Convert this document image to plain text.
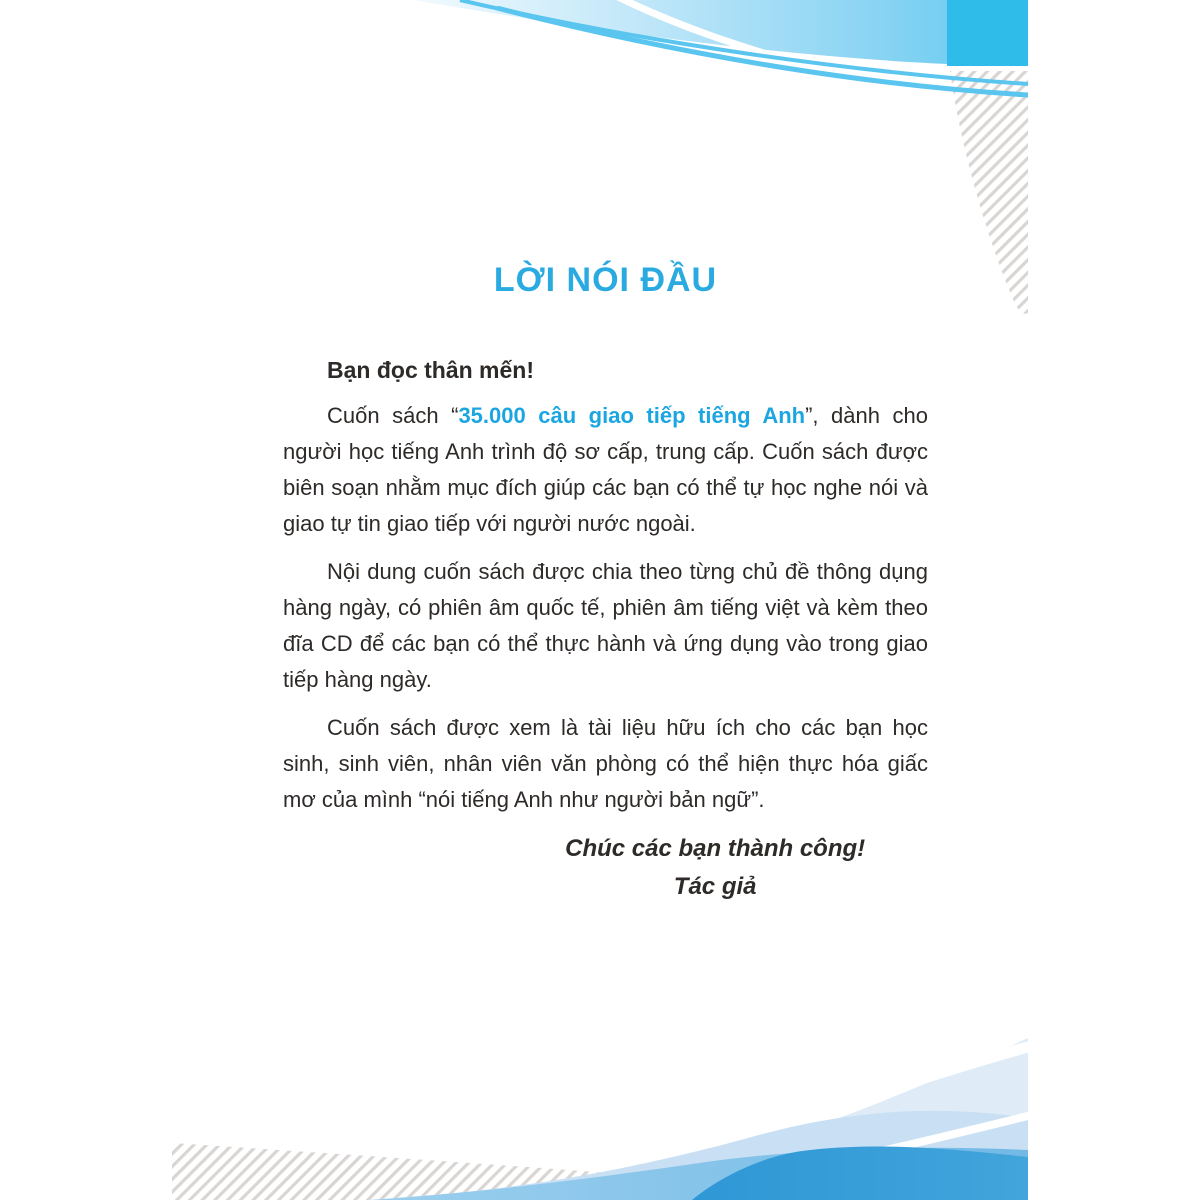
LỜI NÓI ĐẦU

Bạn đọc thân mến!

Cuốn sách “35.000 câu giao tiếp tiếng Anh”, dành cho người học tiếng Anh trình độ sơ cấp, trung cấp. Cuốn sách được biên soạn nhằm mục đích giúp các bạn có thể tự học nghe nói và giao tự tin giao tiếp với người nước ngoài.

Nội dung cuốn sách được chia theo từng chủ đề thông dụng hàng ngày, có phiên âm quốc tế, phiên âm tiếng việt và kèm theo đĩa CD để các bạn có thể thực hành và ứng dụng vào trong giao tiếp hàng ngày.

Cuốn sách được xem là tài liệu hữu ích cho các bạn học sinh, sinh viên, nhân viên văn phòng có thể hiện thực hóa giấc mơ của mình “nói tiếng Anh như người bản ngữ”.

Chúc các bạn thành công!
Tác giả
